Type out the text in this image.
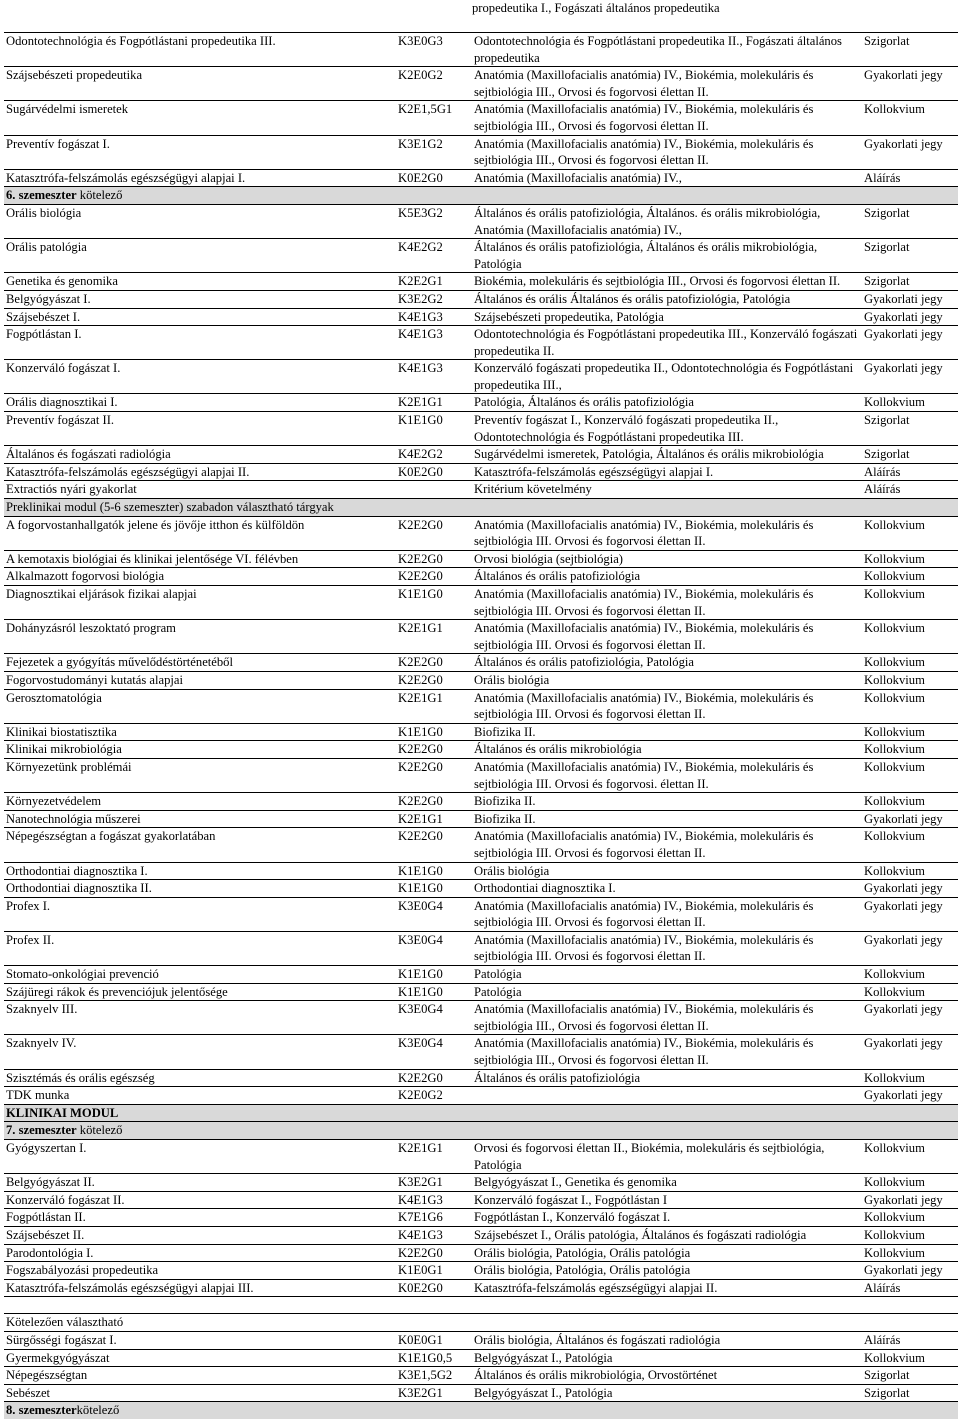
propedeutika I., Fogászati általános propedeutika
Odontotechnológia és Fogpótlástani propedeutika III.	K3E0G3	Odontotechnológia és Fogpótlástani propedeutika II., Fogászati általános propedeutika	Szigorlat
Szájsebészeti propedeutika	K2E0G2	Anatómia (Maxillofacialis anatómia) IV., Biokémia, molekuláris és sejtbiológia III., Orvosi és fogorvosi élettan II.	Gyakorlati jegy
Sugárvédelmi ismeretek	K2E1,5G1	Anatómia (Maxillofacialis anatómia) IV., Biokémia, molekuláris és sejtbiológia III., Orvosi és fogorvosi élettan II.	Kollokvium
Preventív fogászat I.	K3E1G2	Anatómia (Maxillofacialis anatómia) IV., Biokémia, molekuláris és sejtbiológia III., Orvosi és fogorvosi élettan II.	Gyakorlati jegy
Katasztrófa-felszámolás egészségügyi alapjai I.	K0E2G0	Anatómia (Maxillofacialis anatómia) IV.,	Aláírás
6. szemeszter kötelező			
Orális biológia	K5E3G2	Általános és orális patofiziológia, Általános. és orális mikrobiológia, Anatómia (Maxillofacialis anatómia) IV.,	Szigorlat
Orális patológia	K4E2G2	Általános és orális patofiziológia, Általános és orális mikrobiológia, Patológia	Szigorlat
Genetika és genomika	K2E2G1	Biokémia, molekuláris és sejtbiológia III., Orvosi és fogorvosi élettan II.	Szigorlat
Belgyógyászat I.	K3E2G2	Általános és orális Általános és orális patofiziológia, Patológia	Gyakorlati jegy
Szájsebészet I.	K4E1G3	Szájsebészeti propedeutika, Patológia	Gyakorlati jegy
Fogpótlástan I.	K4E1G3	Odontotechnológia és Fogpótlástani propedeutika III., Konzerváló fogászati propedeutika II.	Gyakorlati jegy
Konzerváló fogászat I.	K4E1G3	Konzerváló fogászati propedeutika II., Odontotechnológia és Fogpótlástani propedeutika III.,	Gyakorlati jegy
Orális diagnosztikai I.	K2E1G1	Patológia, Általános és orális patofiziológia	Kollokvium
Preventív fogászat II.	K1E1G0	Preventív fogászat I., Konzerváló fogászati propedeutika II., Odontotechnológia és Fogpótlástani propedeutika III.	Szigorlat
Általános és fogászati radiológia	K4E2G2	Sugárvédelmi ismeretek, Patológia, Általános és orális mikrobiológia	Szigorlat
Katasztrófa-felszámolás egészségügyi alapjai II.	K0E2G0	Katasztrófa-felszámolás egészségügyi alapjai I.	Aláírás
Extractiós nyári gyakorlat		Kritérium követelmény	Aláírás
Preklinikai modul (5-6 szemeszter) szabadon választható tárgyak			
A fogorvostanhallgatók jelene és jövője itthon és külföldön	K2E2G0	Anatómia (Maxillofacialis anatómia) IV., Biokémia, molekuláris és sejtbiológia III. Orvosi és fogorvosi élettan II.	Kollokvium
A kemotaxis biológiai és klinikai jelentősége VI. félévben	K2E2G0	Orvosi biológia (sejtbiológia)	Kollokvium
Alkalmazott fogorvosi biológia	K2E2G0	Általános és orális patofiziológia	Kollokvium
Diagnosztikai eljárások fizikai alapjai	K1E1G0	Anatómia (Maxillofacialis anatómia) IV., Biokémia, molekuláris és sejtbiológia III. Orvosi és fogorvosi élettan II.	Kollokvium
Dohányzásról leszoktató program	K2E1G1	Anatómia (Maxillofacialis anatómia) IV., Biokémia, molekuláris és sejtbiológia III. Orvosi és fogorvosi élettan II.	Kollokvium
Fejezetek a gyógyítás művelődéstörténetéből	K2E2G0	Általános és orális patofiziológia, Patológia	Kollokvium
Fogorvostudományi kutatás alapjai	K2E2G0	Orális biológia	Kollokvium
Gerosztomatológia	K2E1G1	Anatómia (Maxillofacialis anatómia) IV., Biokémia, molekuláris és sejtbiológia III. Orvosi és fogorvosi élettan II.	Kollokvium
Klinikai biostatisztika	K1E1G0	Biofizika II.	Kollokvium
Klinikai mikrobiológia	K2E2G0	Általános és orális mikrobiológia	Kollokvium
Környezetünk problémái	K2E2G0	Anatómia (Maxillofacialis anatómia) IV., Biokémia, molekuláris és sejtbiológia III. Orvosi és fogorvosi. élettan II.	Kollokvium
Környezetvédelem	K2E2G0	Biofizika II.	Kollokvium
Nanotechnológia műszerei	K2E1G1	Biofizika II.	Gyakorlati jegy
Népegészségtan a fogászat gyakorlatában	K2E2G0	Anatómia (Maxillofacialis anatómia) IV., Biokémia, molekuláris és sejtbiológia III. Orvosi és fogorvosi élettan II.	Kollokvium
Orthodontiai diagnosztika I.	K1E1G0	Orális biológia	Kollokvium
Orthodontiai diagnosztika II.	K1E1G0	Orthodontiai diagnosztika I.	Gyakorlati jegy
Profex I.	K3E0G4	Anatómia (Maxillofacialis anatómia) IV., Biokémia, molekuláris és sejtbiológia III. Orvosi és fogorvosi élettan II.	Gyakorlati jegy
Profex II.	K3E0G4	Anatómia (Maxillofacialis anatómia) IV., Biokémia, molekuláris és sejtbiológia III. Orvosi és fogorvosi élettan II.	Gyakorlati jegy
Stomato-onkológiai prevenció	K1E1G0	Patológia	Kollokvium
Szájüregi rákok és prevenciójuk jelentősége	K1E1G0	Patológia	Kollokvium
Szaknyelv III.	K3E0G4	Anatómia (Maxillofacialis anatómia) IV., Biokémia, molekuláris és sejtbiológia III., Orvosi és fogorvosi élettan II.	Gyakorlati jegy
Szaknyelv IV.	K3E0G4	Anatómia (Maxillofacialis anatómia) IV., Biokémia, molekuláris és sejtbiológia III., Orvosi és fogorvosi élettan II.	Gyakorlati jegy
Szisztémás és orális egészség	K2E2G0	Általános és orális patofiziológia	Kollokvium
TDK munka	K2E0G2		Gyakorlati jegy
KLINIKAI MODUL			
7. szemeszter kötelező			
Gyógyszertan I.	K2E1G1	Orvosi és fogorvosi élettan II., Biokémia, molekuláris és sejtbiológia, Patológia	Kollokvium
Belgyógyászat II.	K3E2G1	Belgyógyászat I., Genetika és genomika	Kollokvium
Konzerváló fogászat II.	K4E1G3	Konzerváló fogászat I., Fogpótlástan I	Gyakorlati jegy
Fogpótlástan II.	K7E1G6	Fogpótlástan I., Konzerváló fogászat I.	Kollokvium
Szájsebészet II.	K4E1G3	Szájsebészet I., Orális patológia, Általános és fogászati radiológia	Kollokvium
Parodontológia I.	K2E2G0	Orális biológia, Patológia, Orális patológia	Kollokvium
Fogszabályozási propedeutika	K1E0G1	Orális biológia, Patológia, Orális patológia	Gyakorlati jegy
Katasztrófa-felszámolás egészségügyi alapjai III.	K0E2G0	Katasztrófa-felszámolás egészségügyi alapjai II.	Aláírás

Kötelezően választható			
Sürgősségi fogászat I.	K0E0G1	Orális biológia, Általános és fogászati radiológia	Aláírás
Gyermekgyógyászat	K1E1G0,5	Belgyógyászat I., Patológia	Kollokvium
Népegészségtan	K3E1,5G2	Általános és orális mikrobiológia, Orvostörténet	Szigorlat
Sebészet	K3E2G1	Belgyógyászat I., Patológia	Szigorlat
8. szemeszterkötelező			
